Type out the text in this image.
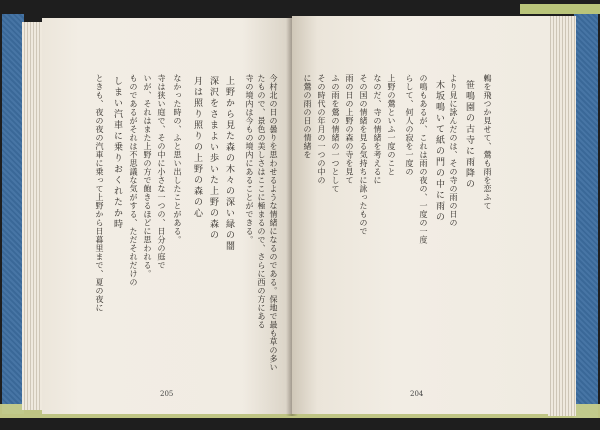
今村北の日の曇りを思わせるような情緒になるのである。保地で最も草の多い
たもので、景色の美しさはここに極まるので、さらに西の方にある
寺の境内は今もの境内にあることができる。
上野から見た森の木々の深い緑の闇
深沢をさまよい歩いた上野の森の
月は照り照りの上野の森の心
なかった時の、ふと思い出したことがある。
寺は狭い庭で、その中に小さな一つの、日分の庭で
いが、それはまた上野の方で飽きるほどに思われる。
ものであるがそれは不思議な気がする、ただそれだけの
しまい汽車に乗りおくれたか時
ときも、夜の夜の汽車に乗って上野から日暮里まで、夏の夜に
205
鶫を飛つか見せて、鶯も雨を恋ふて
笹鳴園の古寺に雨降の
より見に詠んだのは、その寺の雨の日の
木坂鳴いて紙の門の中に雨の
の鳴もあるが、これは雨の夜の、一度の一度
らして、何人の寂を一度の
上野の鶯といふ一度のこと
なのだ、寺の情緒を考えるに
その国の情緒を見る気持ちに詠ったもので
雨の日の上野の森の寺を見て
ふの雨を鶯の情緒の一つとして
その時代の年月の一つの中の
に鶯の雨の日の情緒を
204
